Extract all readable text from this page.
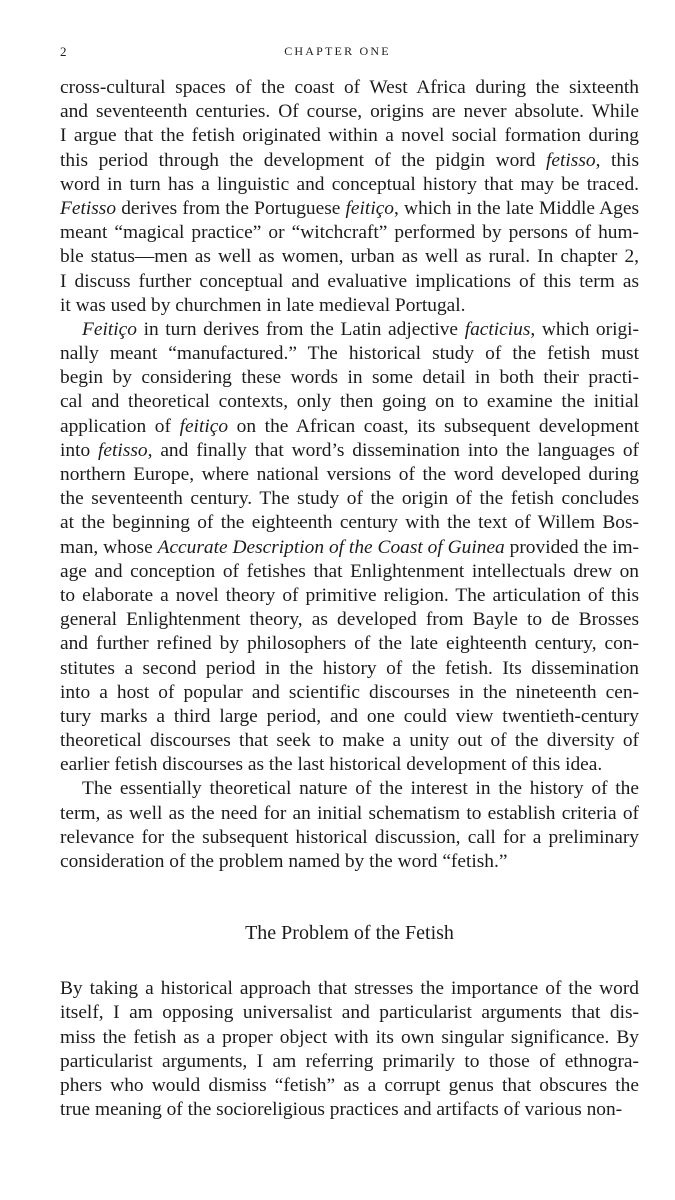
2	CHAPTER ONE
cross-cultural spaces of the coast of West Africa during the sixteenth
and seventeenth centuries. Of course, origins are never absolute. While
I argue that the fetish originated within a novel social formation during
this period through the development of the pidgin word fetisso, this
word in turn has a linguistic and conceptual history that may be traced.
Fetisso derives from the Portuguese feitiço, which in the late Middle Ages
meant “magical practice” or “witchcraft” performed by persons of hum-
ble status—men as well as women, urban as well as rural. In chapter 2,
I discuss further conceptual and evaluative implications of this term as
it was used by churchmen in late medieval Portugal.
Feitiço in turn derives from the Latin adjective facticius, which origi-
nally meant “manufactured.” The historical study of the fetish must
begin by considering these words in some detail in both their practi-
cal and theoretical contexts, only then going on to examine the initial
application of feitiço on the African coast, its subsequent development
into fetisso, and finally that word’s dissemination into the languages of
northern Europe, where national versions of the word developed during
the seventeenth century. The study of the origin of the fetish concludes
at the beginning of the eighteenth century with the text of Willem Bos-
man, whose Accurate Description of the Coast of Guinea provided the im-
age and conception of fetishes that Enlightenment intellectuals drew on
to elaborate a novel theory of primitive religion. The articulation of this
general Enlightenment theory, as developed from Bayle to de Brosses
and further refined by philosophers of the late eighteenth century, con-
stitutes a second period in the history of the fetish. Its dissemination
into a host of popular and scientific discourses in the nineteenth cen-
tury marks a third large period, and one could view twentieth-century
theoretical discourses that seek to make a unity out of the diversity of
earlier fetish discourses as the last historical development of this idea.
The essentially theoretical nature of the interest in the history of the
term, as well as the need for an initial schematism to establish criteria of
relevance for the subsequent historical discussion, call for a preliminary
consideration of the problem named by the word “fetish.”
The Problem of the Fetish
By taking a historical approach that stresses the importance of the word
itself, I am opposing universalist and particularist arguments that dis-
miss the fetish as a proper object with its own singular significance. By
particularist arguments, I am referring primarily to those of ethnogra-
phers who would dismiss “fetish” as a corrupt genus that obscures the
true meaning of the socioreligious practices and artifacts of various non-
